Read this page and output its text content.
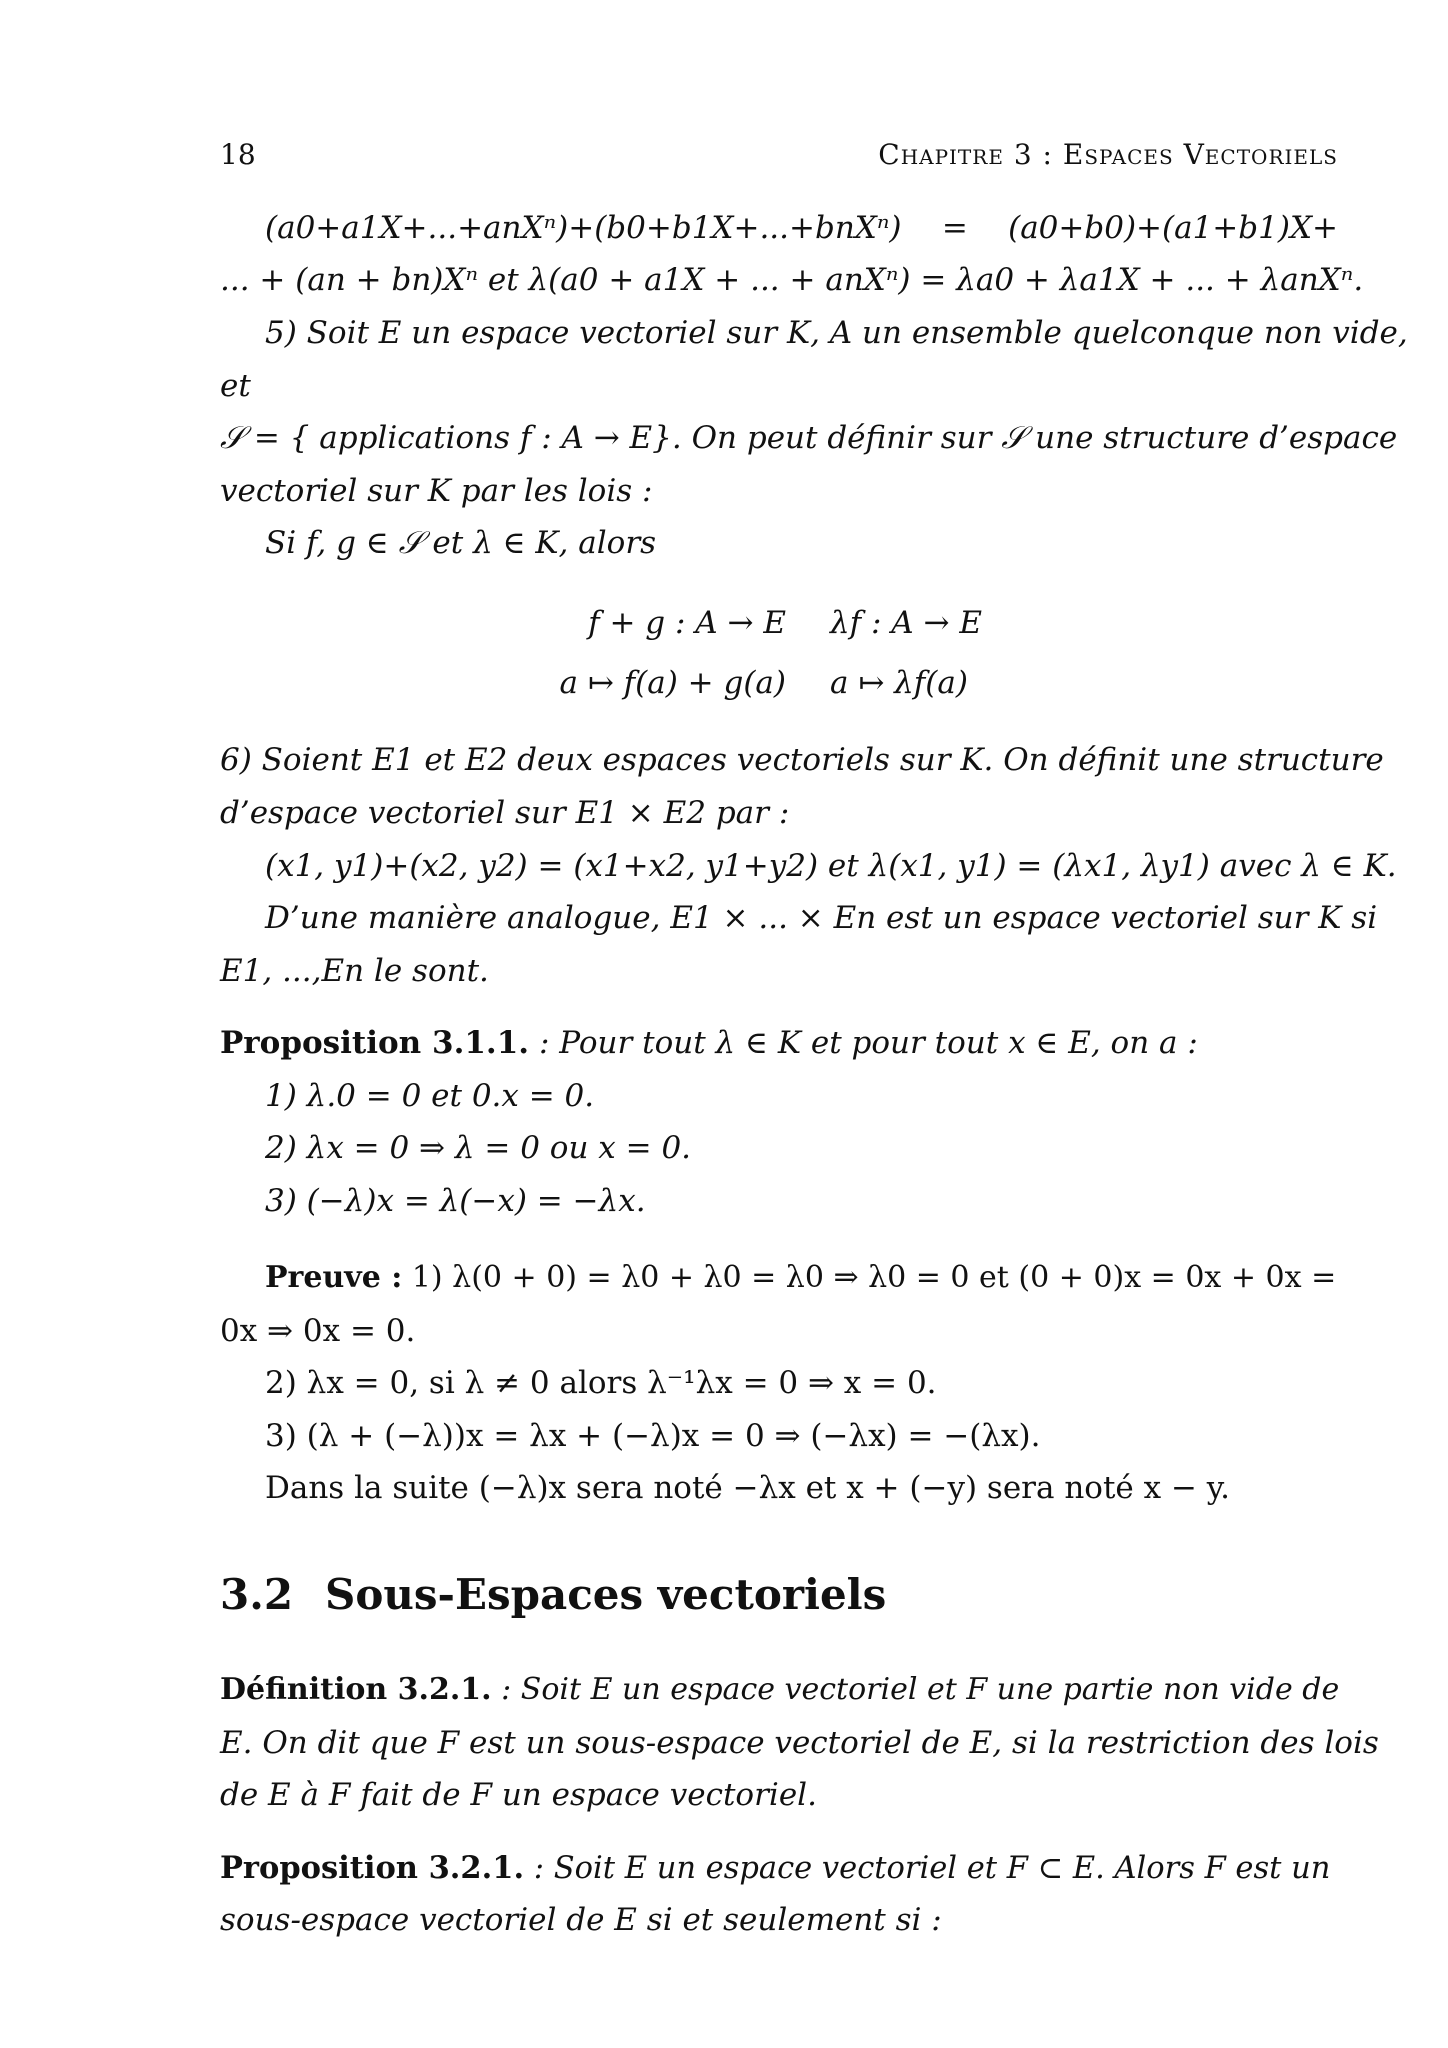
18	Chapitre 3 : Espaces Vectoriels
(a0+a1X+...+anXⁿ)+(b0+b1X+...+bnXⁿ) = (a0+b0)+(a1+b1)X+
... + (an + bn)Xⁿ et λ(a0 + a1X + ... + anXⁿ) = λa0 + λa1X + ... + λanXⁿ.
5) Soit E un espace vectoriel sur K, A un ensemble quelconque non vide,
et
𝒮 = { applications f : A → E}. On peut définir sur 𝒮 une structure d’espace
vectoriel sur K par les lois :
Si f, g ∈ 𝒮 et λ ∈ K, alors
f + g : A → E λf : A → E
a ↦ f(a) + g(a) a ↦ λf(a)
6) Soient E1 et E2 deux espaces vectoriels sur K. On définit une structure
d’espace vectoriel sur E1 × E2 par :
(x1, y1)+(x2, y2) = (x1+x2, y1+y2) et λ(x1, y1) = (λx1, λy1) avec λ ∈ K.
D’une manière analogue, E1 × ... × En est un espace vectoriel sur K si
E1, ...,En le sont.
Proposition 3.1.1. : Pour tout λ ∈ K et pour tout x ∈ E, on a :
1) λ.0 = 0 et 0.x = 0.
2) λx = 0 ⇒ λ = 0 ou x = 0.
3) (−λ)x = λ(−x) = −λx.
Preuve : 1) λ(0 + 0) = λ0 + λ0 = λ0 ⇒ λ0 = 0 et (0 + 0)x = 0x + 0x =
0x ⇒ 0x = 0.
2) λx = 0, si λ ≠ 0 alors λ⁻¹λx = 0 ⇒ x = 0.
3) (λ + (−λ))x = λx + (−λ)x = 0 ⇒ (−λx) = −(λx).
Dans la suite (−λ)x sera noté −λx et x + (−y) sera noté x − y.
3.2 Sous-Espaces vectoriels
Définition 3.2.1. : Soit E un espace vectoriel et F une partie non vide de
E. On dit que F est un sous-espace vectoriel de E, si la restriction des lois
de E à F fait de F un espace vectoriel.
Proposition 3.2.1. : Soit E un espace vectoriel et F ⊂ E. Alors F est un
sous-espace vectoriel de E si et seulement si :
